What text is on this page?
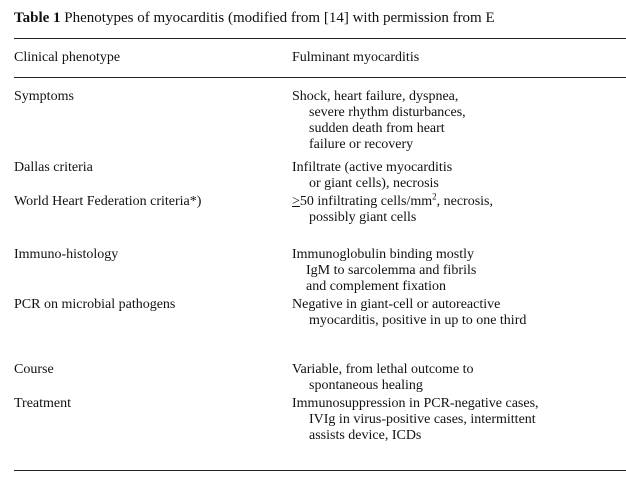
Table 1 Phenotypes of myocarditis (modified from [14] with permission from E
Clinical phenotype	Fulminant myocarditis
Symptoms	Shock, heart failure, dyspnea,
severe rhythm disturbances,
sudden death from heart
failure or recovery
Dallas criteria	Infiltrate (active myocarditis
or giant cells), necrosis
World Heart Federation criteria*)	≥50 infiltrating cells/$mm^2$, necrosis,
possibly giant cells
Immuno-histology	Immunoglobulin binding mostly
IgM to sarcolemma and fibrils
and complement fixation
PCR on microbial pathogens	Negative in giant-cell or autoreactive
myocarditis, positive in up to one third
Course	Variable, from lethal outcome to
spontaneous healing
Treatment	Immunosuppression in PCR-negative cases,
IVIg in virus-positive cases, intermittent
assists device, ICDs
